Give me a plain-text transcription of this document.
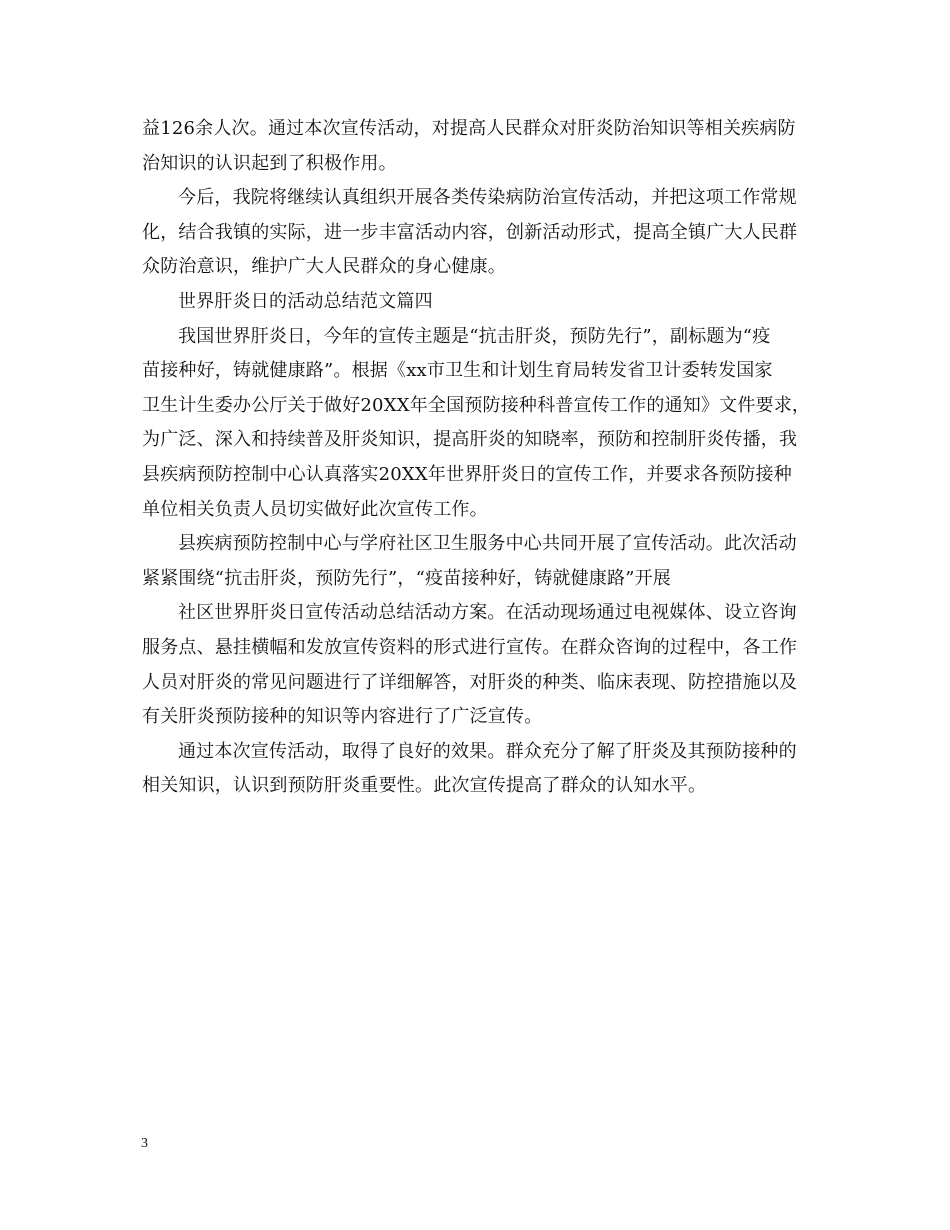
益126余人次。通过本次宣传活动，对提高人民群众对肝炎防治知识等相关疾病防
治知识的认识起到了积极作用。
今后，我院将继续认真组织开展各类传染病防治宣传活动，并把这项工作常规
化，结合我镇的实际，进一步丰富活动内容，创新活动形式，提高全镇广大人民群
众防治意识，维护广大人民群众的身心健康。
世界肝炎日的活动总结范文篇四
我国世界肝炎日，今年的宣传主题是“抗击肝炎，预防先行”，副标题为“疫
苗接种好，铸就健康路”。根据《xx市卫生和计划生育局转发省卫计委转发国家
卫生计生委办公厅关于做好20XX年全国预防接种科普宣传工作的通知》文件要求，
为广泛、深入和持续普及肝炎知识，提高肝炎的知晓率，预防和控制肝炎传播，我
县疾病预防控制中心认真落实20XX年世界肝炎日的宣传工作，并要求各预防接种
单位相关负责人员切实做好此次宣传工作。
县疾病预防控制中心与学府社区卫生服务中心共同开展了宣传活动。此次活动
紧紧围绕“抗击肝炎，预防先行”，“疫苗接种好，铸就健康路”开展
社区世界肝炎日宣传活动总结活动方案。在活动现场通过电视媒体、设立咨询
服务点、悬挂横幅和发放宣传资料的形式进行宣传。在群众咨询的过程中，各工作
人员对肝炎的常见问题进行了详细解答，对肝炎的种类、临床表现、防控措施以及
有关肝炎预防接种的知识等内容进行了广泛宣传。
通过本次宣传活动，取得了良好的效果。群众充分了解了肝炎及其预防接种的
相关知识，认识到预防肝炎重要性。此次宣传提高了群众的认知水平。
3
